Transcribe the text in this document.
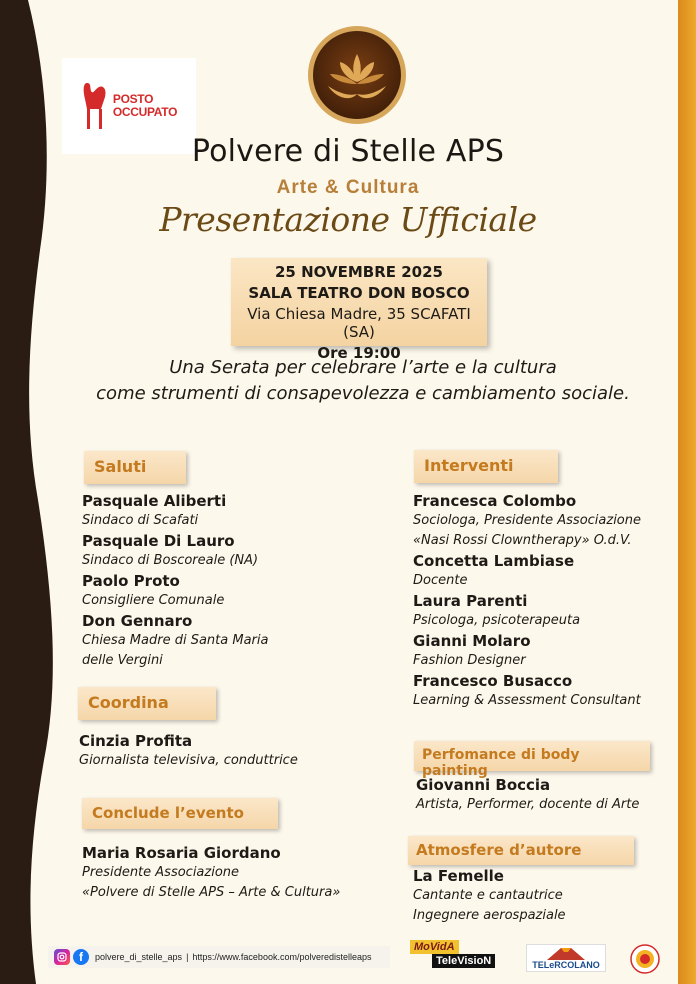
POSTO
OCCUPATO
Polvere di Stelle APS
Arte & Cultura
Presentazione Ufficiale
25 NOVEMBRE 2025
SALA TEATRO DON BOSCO
Via Chiesa Madre, 35 SCAFATI (SA)
Ore 19:00
Una Serata per celebrare l’arte e la cultura
come strumenti di consapevolezza e cambiamento sociale.
Saluti
Pasquale Aliberti
Sindaco di Scafati
Pasquale Di Lauro
Sindaco di Boscoreale (NA)
Paolo Proto
Consigliere Comunale
Don Gennaro
Chiesa Madre di Santa Maria
delle Vergini
Coordina
Cinzia Profita
Giornalista televisiva, conduttrice
Conclude l’evento
Maria Rosaria Giordano
Presidente Associazione
«Polvere di Stelle APS – Arte & Cultura»
Interventi
Francesca Colombo
Sociologa, Presidente Associazione
«Nasi Rossi Clowntherapy» O.d.V.
Concetta Lambiase
Docente
Laura Parenti
Psicologa, psicoterapeuta
Gianni Molaro
Fashion Designer
Francesco Busacco
Learning & Assessment Consultant
Perfomance di body painting
Giovanni Boccia
Artista, Performer, docente di Arte
Atmosfere d’autore
La Femelle
Cantante e cantautrice
Ingegnere aerospaziale
f	polvere_di_stelle_aps | https://www.facebook.com/polveredistelleaps
MoVidA
TeleVisioN	TELeRCOLANO
